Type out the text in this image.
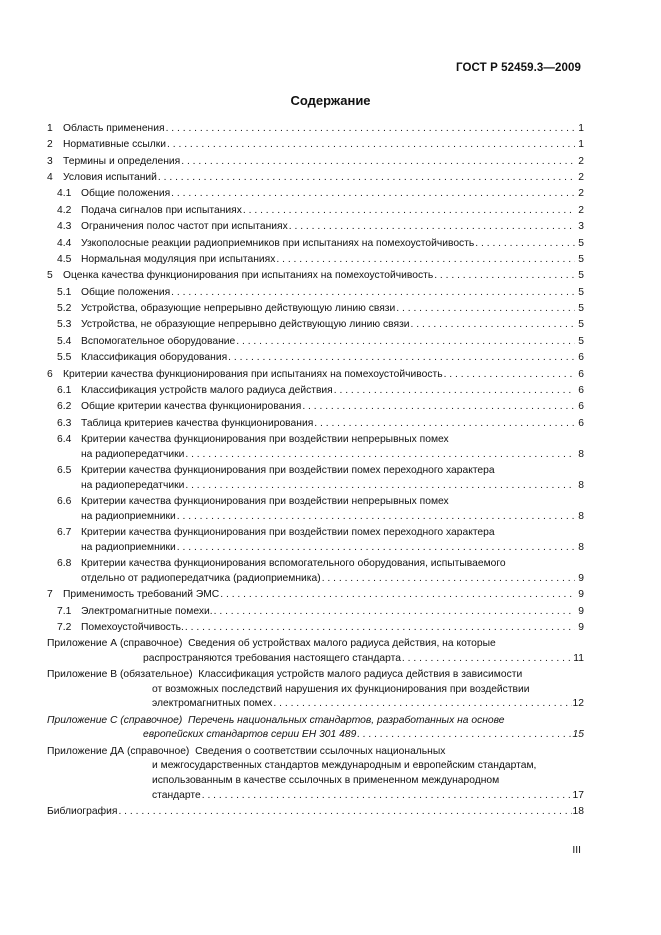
ГОСТ Р 52459.3—2009
Содержание
1 Область применения . . .	1
2 Нормативные ссылки . . .	1
3 Термины и определения . . .	2
4 Условия испытаний . . .	2
4.1 Общие положения . . .	2
4.2 Подача сигналов при испытаниях . . .	2
4.3 Ограничения полос частот при испытаниях . . .	3
4.4 Узкополосные реакции радиоприемников при испытаниях на помехоустойчивость . . .	5
4.5 Нормальная модуляция при испытаниях . . .	5
5 Оценка качества функционирования при испытаниях на помехоустойчивость . . .	5
5.1 Общие положения . . .	5
5.2 Устройства, образующие непрерывно действующую линию связи . . .	5
5.3 Устройства, не образующие непрерывно действующую линию связи . . .	5
5.4 Вспомогательное оборудование . . .	5
5.5 Классификация оборудования . . .	6
6 Критерии качества функционирования при испытаниях на помехоустойчивость . . .	6
6.1 Классификация устройств малого радиуса действия . . .	6
6.2 Общие критерии качества функционирования . . .	6
6.3 Таблица критериев качества функционирования . . .	6
6.4 Критерии качества функционирования при воздействии непрерывных помех
на радиопередатчики . . .	8
6.5 Критерии качества функционирования при воздействии помех переходного характера
на радиопередатчики . . .	8
6.6 Критерии качества функционирования при воздействии непрерывных помех
на радиоприемники . . .	8
6.7 Критерии качества функционирования при воздействии помех переходного характера
на радиоприемники . . .	8
6.8 Критерии качества функционирования вспомогательного оборудования, испытываемого
отдельно от радиопередатчика (радиоприемника) . . .	9
7 Применимость требований ЭМС . . .	9
7.1 Электромагнитные помехи. . . .	9
7.2 Помехоустойчивость. . . .	9
Приложение А (справочное) Сведения об устройствах малого радиуса действия, на которые
распространяются требования настоящего стандарта . . .	11
Приложение В (обязательное) Классификация устройств малого радиуса действия в зависимости
от возможных последствий нарушения их функционирования при воздействии
электромагнитных помех . . .	12
Приложение С (справочное) Перечень национальных стандартов, разработанных на основе
европейских стандартов серии ЕН 301 489 . . .	15
Приложение ДА (справочное) Сведения о соответствии ссылочных национальных
и межгосударственных стандартов международным и европейским стандартам,
использованным в качестве ссылочных в примененном международном
стандарте . . .	17
Библиография . . .	18
III
